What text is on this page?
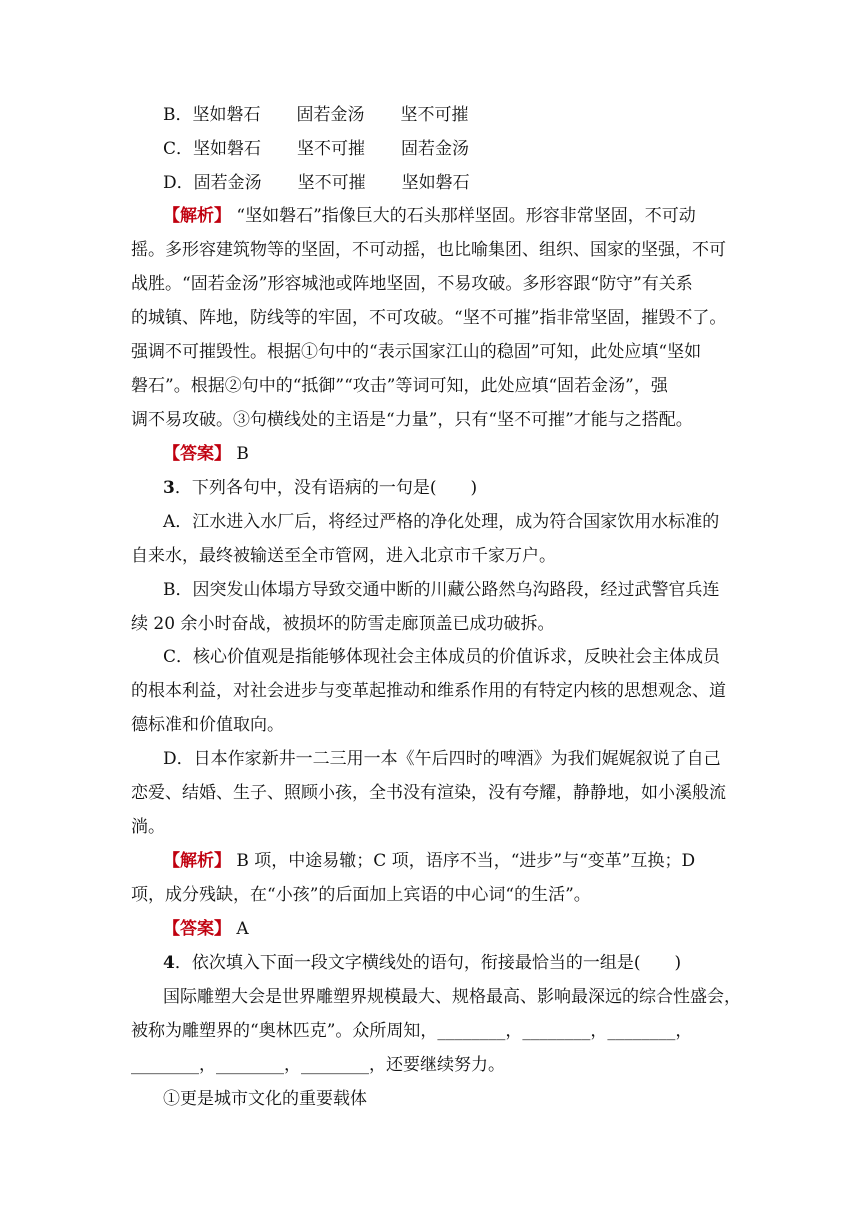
B．坚如磐石 固若金汤 坚不可摧
C．坚如磐石 坚不可摧 固若金汤
D．固若金汤 坚不可摧 坚如磐石
【解析】 “坚如磐石”指像巨大的石头那样坚固。形容非常坚固，不可动
摇。多形容建筑物等的坚固，不可动摇，也比喻集团、组织、国家的坚强，不可
战胜。“固若金汤”形容城池或阵地坚固，不易攻破。多形容跟“防守”有关系
的城镇、阵地，防线等的牢固，不可攻破。“坚不可摧”指非常坚固，摧毁不了。
强调不可摧毁性。根据①句中的“表示国家江山的稳固”可知，此处应填“坚如
磐石”。根据②句中的“抵御”“攻击”等词可知，此处应填“固若金汤”，强
调不易攻破。③句横线处的主语是“力量”，只有“坚不可摧”才能与之搭配。
【答案】 B
3．下列各句中，没有语病的一句是(　　)
A．江水进入水厂后，将经过严格的净化处理，成为符合国家饮用水标准的
自来水，最终被输送至全市管网，进入北京市千家万户。
B．因突发山体塌方导致交通中断的川藏公路然乌沟路段，经过武警官兵连
续 20 余小时奋战，被损坏的防雪走廊顶盖已成功破拆。
C．核心价值观是指能够体现社会主体成员的价值诉求，反映社会主体成员
的根本利益，对社会进步与变革起推动和维系作用的有特定内核的思想观念、道
德标准和价值取向。
D．日本作家新井一二三用一本《午后四时的啤酒》为我们娓娓叙说了自己
恋爱、结婚、生子、照顾小孩，全书没有渲染，没有夸耀，静静地，如小溪般流
淌。
【解析】 B 项，中途易辙；C 项，语序不当，“进步”与“变革”互换；D
项，成分残缺，在“小孩”的后面加上宾语的中心词“的生活”。
【答案】 A
4．依次填入下面一段文字横线处的语句，衔接最恰当的一组是(　　)
国际雕塑大会是世界雕塑界规模最大、规格最高、影响最深远的综合性盛会，
被称为雕塑界的“奥林匹克”。众所周知，________，________，________，
________，________，________，还要继续努力。
①更是城市文化的重要载体
